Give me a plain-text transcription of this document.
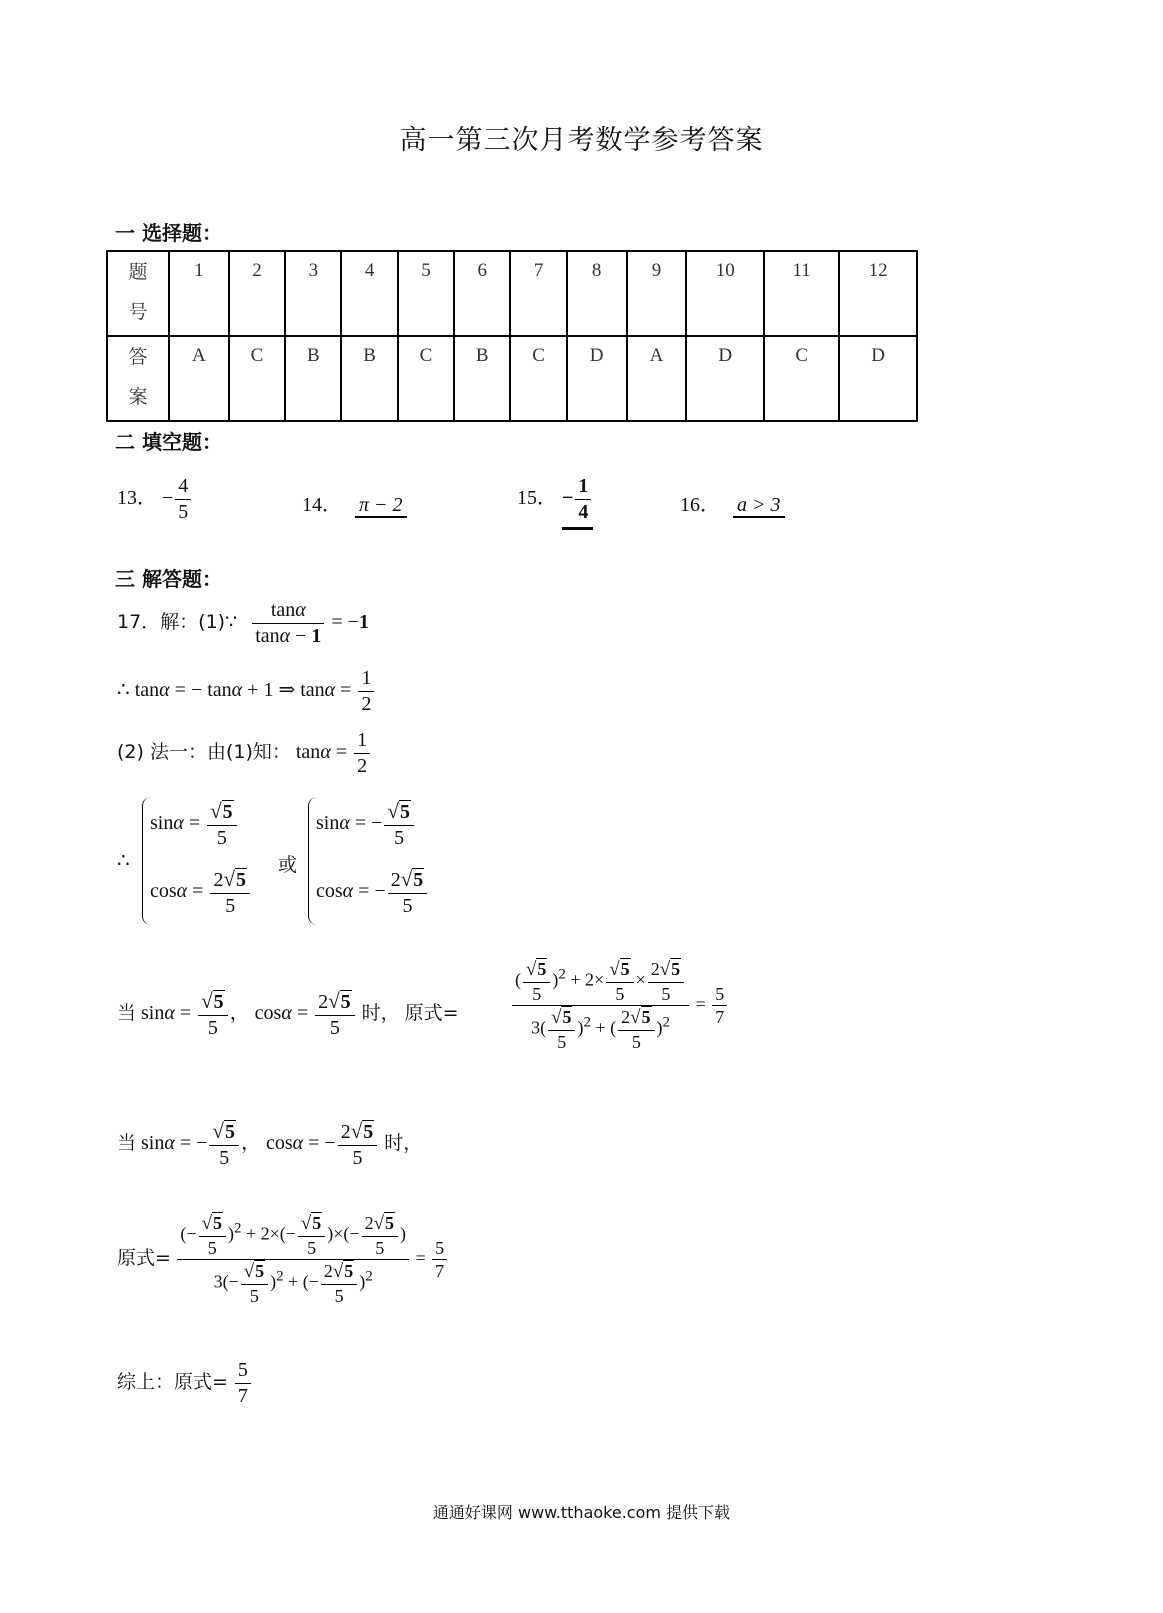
高一第三次月考数学参考答案
一 选择题：
题
号	1	2	3	4	5	6	7	8	9	10	11	12
答
案	A	C	B	B	C	B	C	D	A	D	C	D
二 填空题：
13． − $\frac{4}{5}$	14． π − 2	15． − $\frac{1}{4}$	16． a > 3
三 解答题：
17．解：(1)∵ $\frac{\tan\alpha}{\tan\alpha - 1} = -1$
∴ tanα = − tanα + 1 ⇒ $\tan\alpha = \frac{1}{2}$
(2) 法一：由(1)知： $\tan\alpha = \frac{1}{2}$
∴
$\sin\alpha = \frac{√5}{5}$
$\cos\alpha = \frac{2√5}{5}$
或
sinα = − $\frac{√5}{5}$
cosα = − $\frac{2√5}{5}$
当 $\sin\alpha = \frac{√5}{5}$ ， $\cos\alpha = \frac{2√5}{5}$ 时， 原式=	$\frac{( \frac{√5}{5} )^2 + 2\times \frac{√5}{5} \times \frac{2√5}{5}}{3( \frac{√5}{5} )^2 + ( \frac{2√5}{5} )^2} = \frac{5}{7}$
当 sinα = − $\frac{√5}{5}$ ， cosα = − $\frac{2√5}{5}$ 时，
原式= $\frac{(- \frac{√5}{5} )^2 + 2\times(- \frac{√5}{5} )\times(- \frac{2√5}{5} )}{3(- \frac{√5}{5} )^2 + (- \frac{2√5}{5} )^2} = \frac{5}{7}$
综上：原式= $\frac{5}{7}$
通通好课网 www.tthaoke.com 提供下载
